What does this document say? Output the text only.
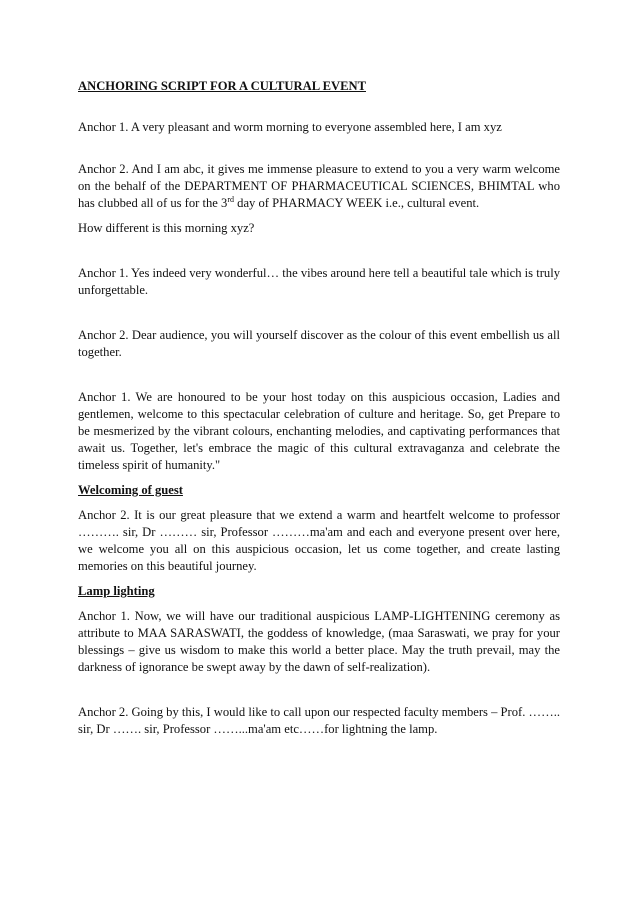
ANCHORING SCRIPT FOR A CULTURAL EVENT

Anchor 1. A very pleasant and worm morning to everyone assembled here, I am xyz

Anchor 2. And I am abc, it gives me immense pleasure to extend to you a very warm welcome on the behalf of the DEPARTMENT OF PHARMACEUTICAL SCIENCES, BHIMTAL who has clubbed all of us for the 3rd day of PHARMACY WEEK i.e., cultural event.

How different is this morning xyz?

Anchor 1. Yes indeed very wonderful… the vibes around here tell a beautiful tale which is truly unforgettable.

Anchor 2. Dear audience, you will yourself discover as the colour of this event embellish us all together.

Anchor 1. We are honoured to be your host today on this auspicious occasion, Ladies and gentlemen, welcome to this spectacular celebration of culture and heritage. So, get Prepare to be mesmerized by the vibrant colours, enchanting melodies, and captivating performances that await us. Together, let's embrace the magic of this cultural extravaganza and celebrate the timeless spirit of humanity."

Welcoming of guest

Anchor 2. It is our great pleasure that we extend a warm and heartfelt welcome to professor ………. sir, Dr ……… sir, Professor ………ma'am and each and everyone present over here, we welcome you all on this auspicious occasion, let us come together, and create lasting memories on this beautiful journey.

Lamp lighting

Anchor 1. Now, we will have our traditional auspicious LAMP-LIGHTENING ceremony as attribute to MAA SARASWATI, the goddess of knowledge, (maa Saraswati, we pray for your blessings – give us wisdom to make this world a better place. May the truth prevail, may the darkness of ignorance be swept away by the dawn of self-realization).

Anchor 2. Going by this, I would like to call upon our respected faculty members – Prof. …….. sir, Dr ……. sir, Professor ……...ma'am etc……for lightning the lamp.
